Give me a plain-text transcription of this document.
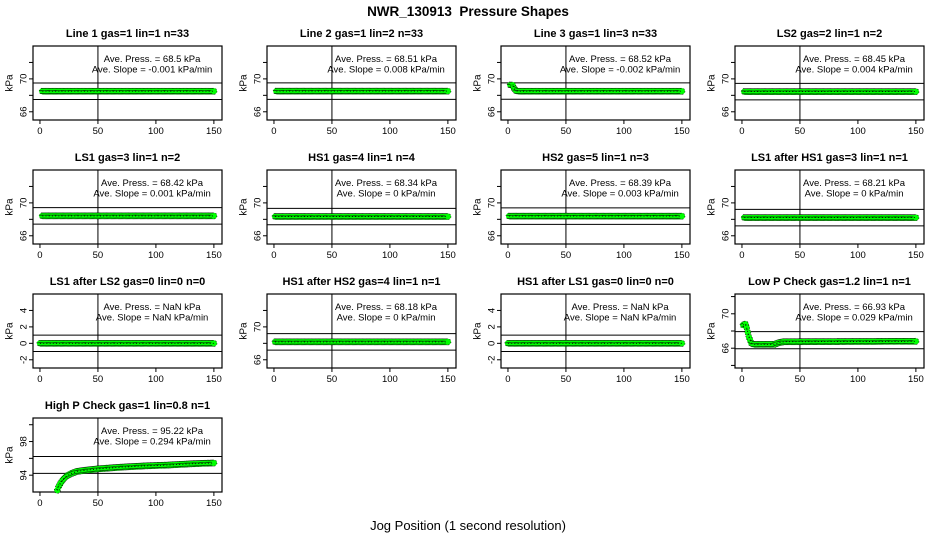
NWR_130913  Pressure Shapes
0	50	100	150
66
70
kPa
Line 1 gas=1 lin=1 n=33
Ave. Press. = 68.5 kPa
Ave. Slope = -0.001 kPa/min
0	50	100	150
66
70
kPa
Line 2 gas=1 lin=2 n=33
Ave. Press. = 68.51 kPa
Ave. Slope = 0.008 kPa/min
0	50	100	150
66
70
kPa
Line 3 gas=1 lin=3 n=33
Ave. Press. = 68.52 kPa
Ave. Slope = -0.002 kPa/min
0	50	100	150
66
70
kPa
LS2 gas=2 lin=1 n=2
Ave. Press. = 68.45 kPa
Ave. Slope = 0.004 kPa/min
0	50	100	150
66
70
kPa
LS1 gas=3 lin=1 n=2
Ave. Press. = 68.42 kPa
Ave. Slope = 0.001 kPa/min
0	50	100	150
66
70
kPa
HS1 gas=4 lin=1 n=4
Ave. Press. = 68.34 kPa
Ave. Slope = 0 kPa/min
0	50	100	150
66
70
kPa
HS2 gas=5 lin=1 n=3
Ave. Press. = 68.39 kPa
Ave. Slope = 0.003 kPa/min
0	50	100	150
66
70
kPa
LS1 after HS1 gas=3 lin=1 n=1
Ave. Press. = 68.21 kPa
Ave. Slope = 0 kPa/min
0	50	100	150
-2
0
2
4
kPa
LS1 after LS2 gas=0 lin=0 n=0
Ave. Press. = NaN kPa
Ave. Slope = NaN kPa/min
0	50	100	150
66
70
kPa
HS1 after HS2 gas=4 lin=1 n=1
Ave. Press. = 68.18 kPa
Ave. Slope = 0 kPa/min
0	50	100	150
-2
0
2
4
kPa
HS1 after LS1 gas=0 lin=0 n=0
Ave. Press. = NaN kPa
Ave. Slope = NaN kPa/min
0	50	100	150
66
70
kPa
Low P Check gas=1.2 lin=1 n=1
Ave. Press. = 66.93 kPa
Ave. Slope = 0.029 kPa/min
0	50	100	150
94
98
kPa
High P Check gas=1 lin=0.8 n=1
Ave. Press. = 95.22 kPa
Ave. Slope = 0.294 kPa/min
Jog Position (1 second resolution)
